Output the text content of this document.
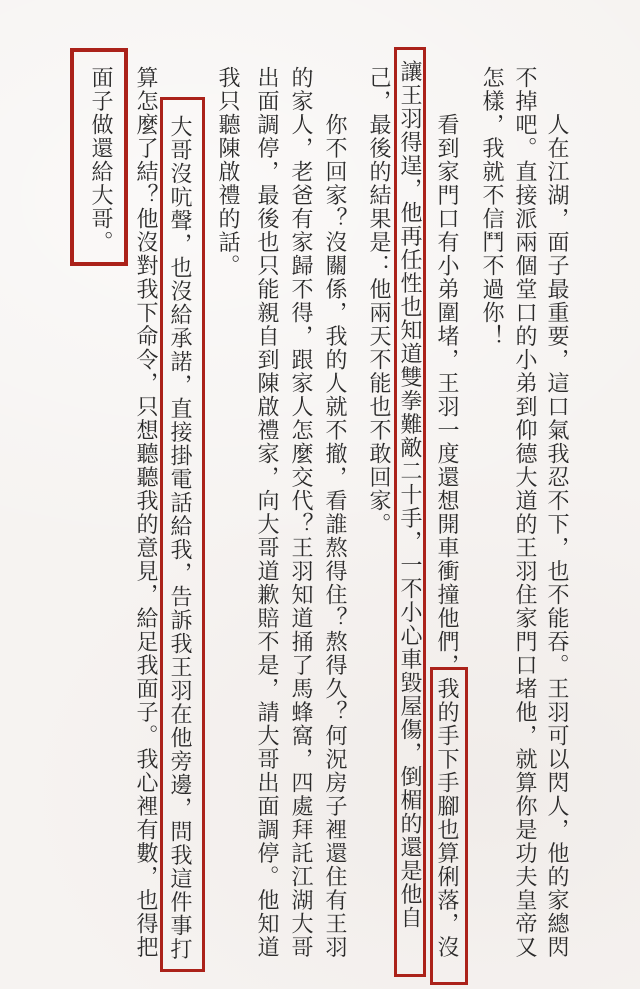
人在江湖，面子最重要，這口氣我忍不下，也不能吞。王羽可以閃人，他的家總閃
不掉吧。直接派兩個堂口的小弟到仰德大道的王羽住家門口堵他，就算你是功夫皇帝又
怎樣，我就不信鬥不過你！
看到家門口有小弟圍堵，王羽一度還想開車衝撞他們，我的手下手腳也算俐落，沒
讓王羽得逞，他再任性也知道雙拳難敵二十手，一不小心車毀屋傷，倒楣的還是他自
己，最後的結果是：他兩天不能也不敢回家。
你不回家？沒關係，我的人就不撤，看誰熬得住？熬得久？何況房子裡還住有王羽
的家人，老爸有家歸不得，跟家人怎麼交代？王羽知道捅了馬蜂窩，四處拜託江湖大哥
出面調停，最後也只能親自到陳啟禮家，向大哥道歉賠不是，請大哥出面調停。他知道
我只聽陳啟禮的話。
大哥沒吭聲，也沒給承諾，直接掛電話給我，告訴我王羽在他旁邊，問我這件事打
算怎麼了結？他沒對我下命令，只想聽聽我的意見，給足我面子。我心裡有數，也得把
面子做還給大哥。
